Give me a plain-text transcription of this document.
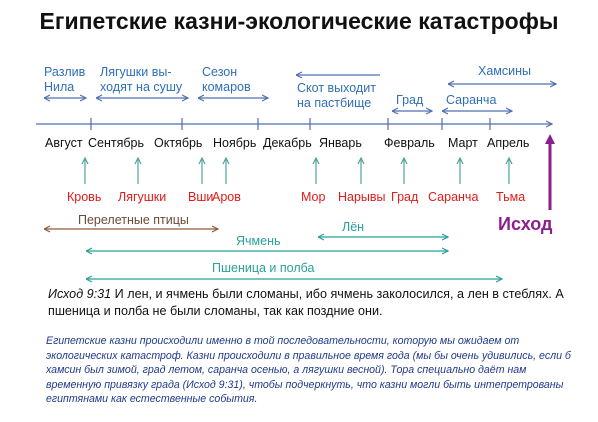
Египетские казни-экологические катастрофы
Разлив
Нила
Лягушки вы-
ходят на сушу
Сезон
комаров	Скот выходит
на пастбище Град Саранча
Хамсины
Август Сентябрь Октябрь Ноябрь Декабрь Январь Февраль Март Апрель
Кровь Лягушки Вши
Аров	Мор Нарывы Град Саранча Тьма
Исход
Перелетные птицы	Лён
Ячмень
Пшеница и полба
Исход 9:31 И лен, и ячмень были сломаны, ибо ячмень заколосился, а лен в стеблях. А пшеница и полба не были сломаны, так как поздние они.
Египетские казни происходили именно в той последовательности, которую мы ожидаем от экологических катастроф. Казни происходили в правильное время года (мы бы очень удивились, если б хамсин был зимой, град летом, саранча осенью, а лягушки весной). Тора специально даёт нам временную привязку града (Исход 9:31), чтобы подчеркнуть, что казни могли быть интепретрованы египтянами как естественные события.
